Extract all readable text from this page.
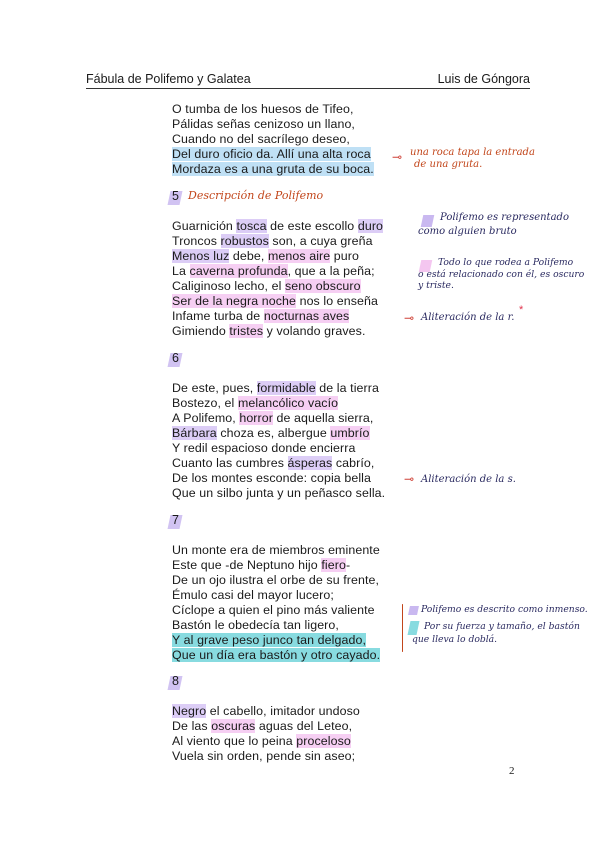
Fábula de Polifemo y Galatea	Luis de Góngora
O tumba de los huesos de Tifeo,
Pálidas señas cenizoso un llano,
Cuando no del sacrílego deseo,
Del duro oficio da. Allí una alta roca
Mordaza es a una gruta de su boca.
5 Descripción de Polifemo
Guarnición tosca de este escollo duro
Troncos robustos son, a cuya greña
Menos luz debe, menos aire puro
La caverna profunda, que a la peña;
Caliginoso lecho, el seno obscuro
Ser de la negra noche nos lo enseña
Infame turba de nocturnas aves
Gimiendo tristes y volando graves.
6
De este, pues, formidable de la tierra
Bostezo, el melancólico vacío
A Polifemo, horror de aquella sierra,
Bárbara choza es, albergue umbrío
Y redil espacioso donde encierra
Cuanto las cumbres ásperas cabrío,
De los montes esconde: copia bella
Que un silbo junta y un peñasco sella.
7
Un monte era de miembros eminente
Este que -de Neptuno hijo fiero-
De un ojo ilustra el orbe de su frente,
Émulo casi del mayor lucero;
Cíclope a quien el pino más valiente
Bastón le obedecía tan ligero,
Y al grave peso junco tan delgado,
Que un día era bastón y otro cayado.
8
Negro el cabello, imitador undoso
De las oscuras aguas del Leteo,
Al viento que lo peina proceloso
Vuela sin orden, pende sin aseo;
⊸ una roca tapa la entrada
de una gruta.
Polifemo es representado
como alguien bruto
Todo lo que rodea a Polifemo
o está relacionado con él, es oscuro
y triste.
⊸ Aliteración de la r.
*
⊸ Aliteración de la s.
Polifemo es descrito como inmenso.
Por su fuerza y tamaño, el bastón
que lleva lo doblá.
2
